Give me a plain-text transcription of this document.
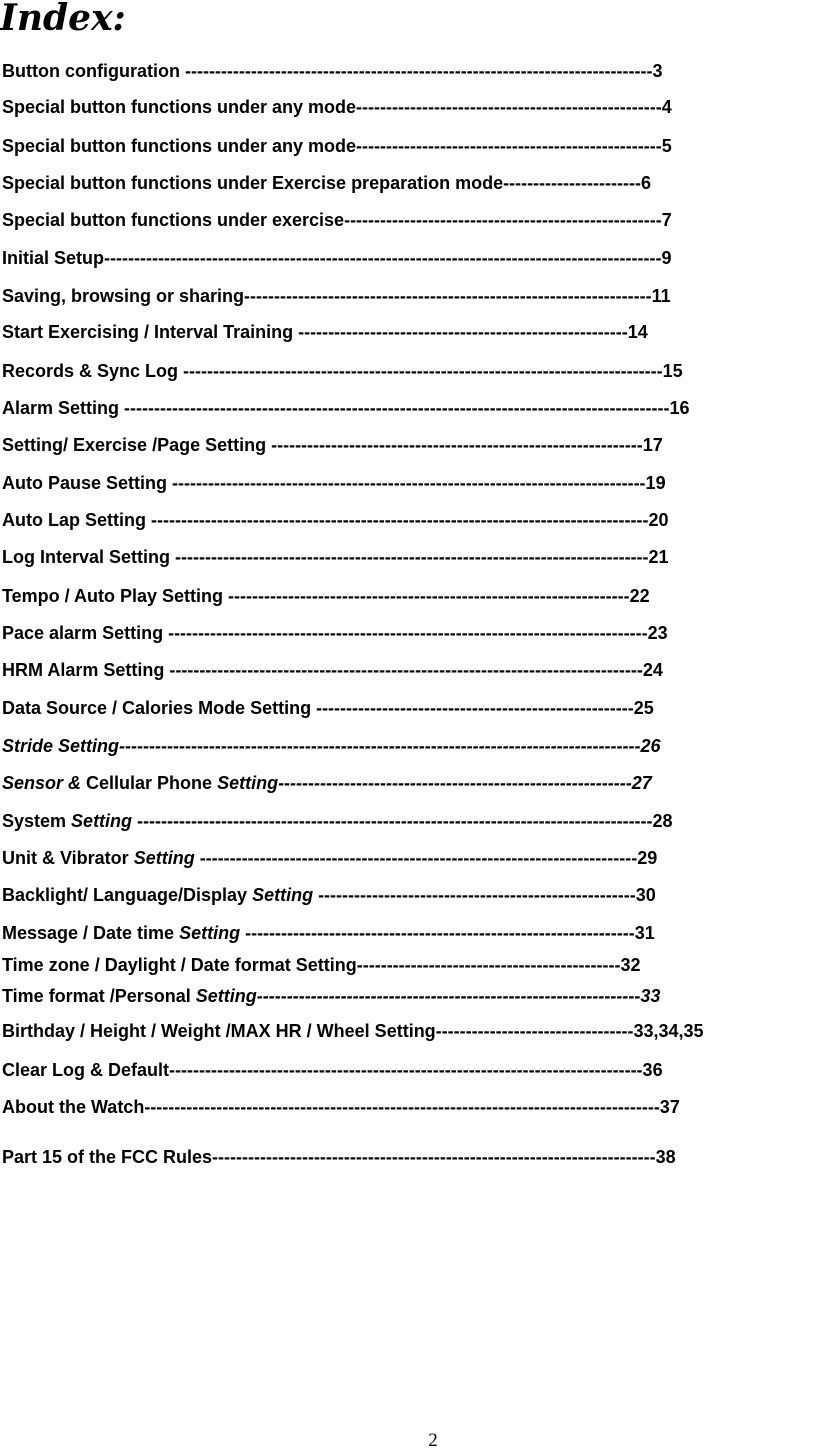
Index:
Button configuration ------------------------------------------------------------------------------3
Special button functions under any mode---------------------------------------------------4
Special button functions under any mode---------------------------------------------------5
Special button functions under Exercise preparation mode-----------------------6
Special button functions under exercise-----------------------------------------------------7
Initial Setup---------------------------------------------------------------------------------------------9
Saving, browsing or sharing--------------------------------------------------------------------11
Start Exercising / Interval Training -------------------------------------------------------14
Records & Sync Log --------------------------------------------------------------------------------15
Alarm Setting -------------------------------------------------------------------------------------------16
Setting/ Exercise /Page Setting --------------------------------------------------------------17
Auto Pause Setting -------------------------------------------------------------------------------19
Auto Lap Setting -----------------------------------------------------------------------------------20
Log Interval Setting -------------------------------------------------------------------------------21
Tempo / Auto Play Setting -------------------------------------------------------------------22
Pace alarm Setting --------------------------------------------------------------------------------23
HRM Alarm Setting -------------------------------------------------------------------------------24
Data Source / Calories Mode Setting -----------------------------------------------------25
Stride Setting---------------------------------------------------------------------------------------26
Sensor & Cellular Phone Setting-----------------------------------------------------------27
System Setting --------------------------------------------------------------------------------------28
Unit & Vibrator Setting -------------------------------------------------------------------------29
Backlight/ Language/Display Setting -----------------------------------------------------30
Message / Date time Setting -----------------------------------------------------------------31
Time zone / Daylight / Date format Setting--------------------------------------------32
Time format /Personal Setting----------------------------------------------------------------33
Birthday / Height / Weight /MAX HR / Wheel Setting---------------------------------33,34,35
Clear Log & Default-------------------------------------------------------------------------------36
About the Watch--------------------------------------------------------------------------------------37
Part 15 of the FCC Rules--------------------------------------------------------------------------38
2
